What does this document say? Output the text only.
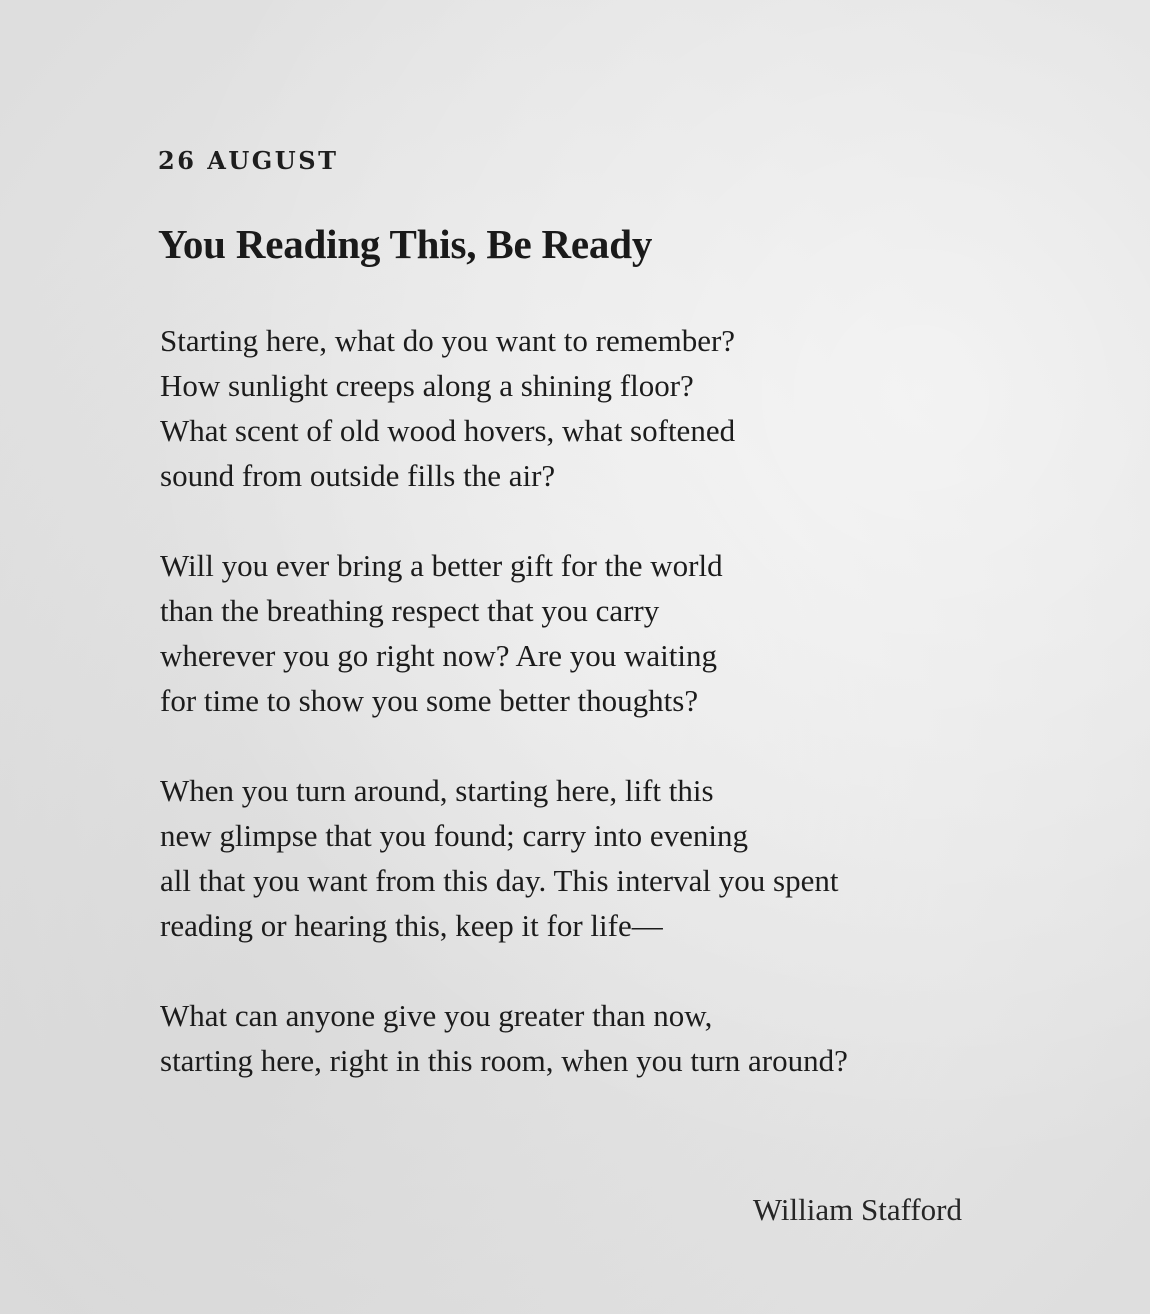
26 AUGUST

You Reading This, Be Ready
Starting here, what do you want to remember?
How sunlight creeps along a shining floor?
What scent of old wood hovers, what softened
sound from outside fills the air?
Will you ever bring a better gift for the world
than the breathing respect that you carry
wherever you go right now? Are you waiting
for time to show you some better thoughts?
When you turn around, starting here, lift this
new glimpse that you found; carry into evening
all that you want from this day. This interval you spent
reading or hearing this, keep it for life—
What can anyone give you greater than now,
starting here, right in this room, when you turn around?

William Stafford
